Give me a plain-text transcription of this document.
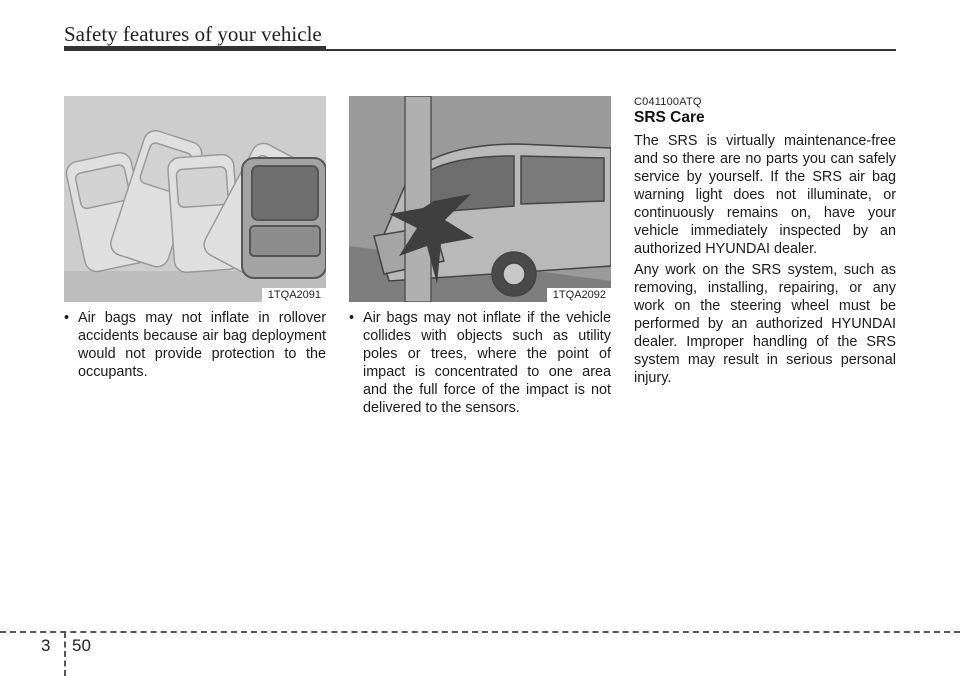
Safety features of your vehicle
1TQA2091	1TQA2092
• Air bags may not inflate in rollover accidents because air bag deployment would not provide protection to the occupants.
• Air bags may not inflate if the vehicle collides with objects such as utility poles or trees, where the point of impact is concentrated to one area and the full force of the impact is not delivered to the sensors.
C041100ATQ
SRS Care
The SRS is virtually maintenance-free and so there are no parts you can safely service by yourself. If the SRS air bag warning light does not illuminate, or continuously remains on, have your vehicle immediately inspected by an authorized HYUNDAI dealer.
Any work on the SRS system, such as removing, installing, repairing, or any work on the steering wheel must be performed by an authorized HYUNDAI dealer. Improper handling of the SRS system may result in serious personal injury.
3 50
